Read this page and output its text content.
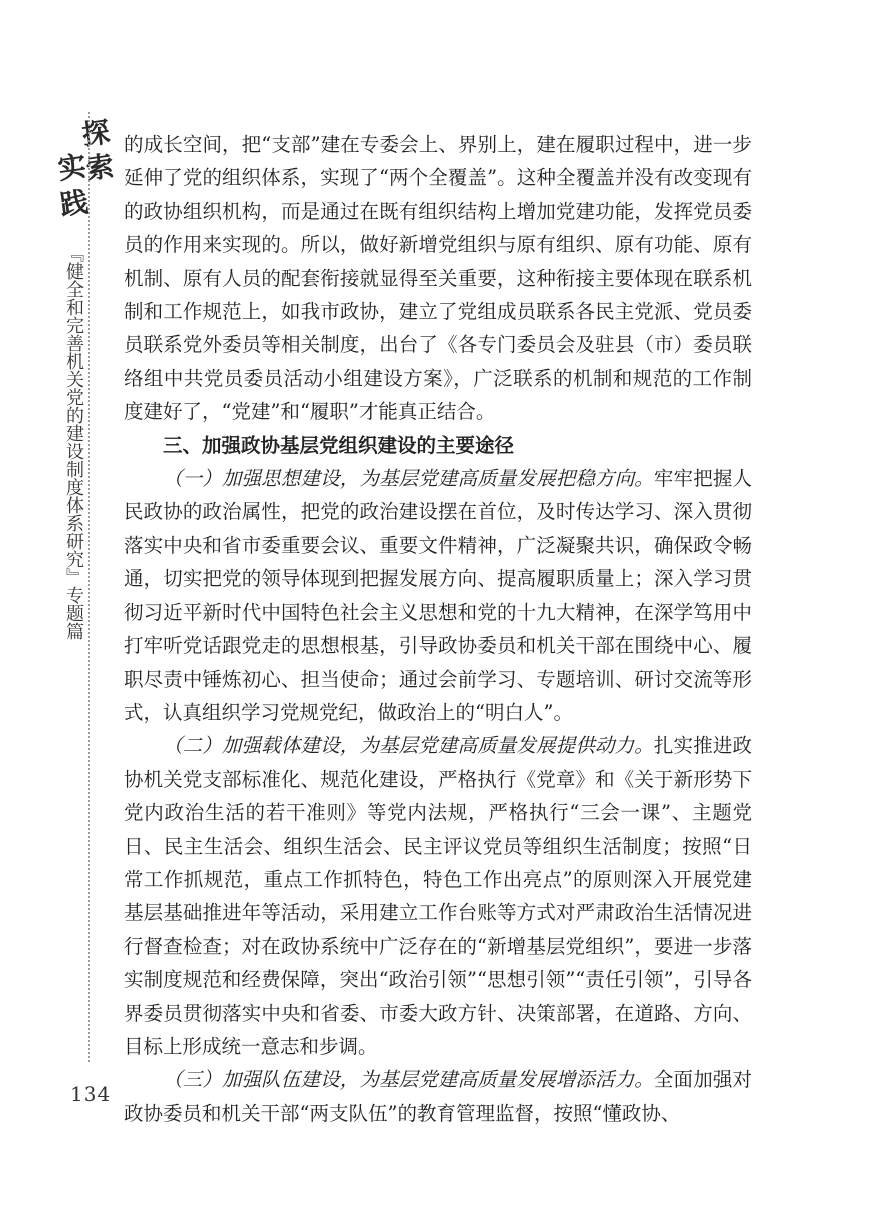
探
索
实
践
『健全和完善机关党的建设制度体系研究』专题篇
134

的成长空间，把“支部”建在专委会上、界别上，建在履职过程中，进一步延伸了党的组织体系，实现了“两个全覆盖”。这种全覆盖并没有改变现有的政协组织机构，而是通过在既有组织结构上增加党建功能，发挥党员委员的作用来实现的。所以，做好新增党组织与原有组织、原有功能、原有机制、原有人员的配套衔接就显得至关重要，这种衔接主要体现在联系机制和工作规范上，如我市政协，建立了党组成员联系各民主党派、党员委员联系党外委员等相关制度，出台了《各专门委员会及驻县（市）委员联络组中共党员委员活动小组建设方案》，广泛联系的机制和规范的工作制度建好了，“党建”和“履职”才能真正结合。

三、加强政协基层党组织建设的主要途径

（一）加强思想建设，为基层党建高质量发展把稳方向。牢牢把握人民政协的政治属性，把党的政治建设摆在首位，及时传达学习、深入贯彻落实中央和省市委重要会议、重要文件精神，广泛凝聚共识，确保政令畅通，切实把党的领导体现到把握发展方向、提高履职质量上；深入学习贯彻习近平新时代中国特色社会主义思想和党的十九大精神，在深学笃用中打牢听党话跟党走的思想根基，引导政协委员和机关干部在围绕中心、履职尽责中锤炼初心、担当使命；通过会前学习、专题培训、研讨交流等形式，认真组织学习党规党纪，做政治上的“明白人”。

（二）加强载体建设，为基层党建高质量发展提供动力。扎实推进政协机关党支部标准化、规范化建设，严格执行《党章》和《关于新形势下党内政治生活的若干准则》等党内法规，严格执行“三会一课”、主题党日、民主生活会、组织生活会、民主评议党员等组织生活制度；按照“日常工作抓规范，重点工作抓特色，特色工作出亮点”的原则深入开展党建基层基础推进年等活动，采用建立工作台账等方式对严肃政治生活情况进行督查检查；对在政协系统中广泛存在的“新增基层党组织”，要进一步落实制度规范和经费保障，突出“政治引领”“思想引领”“责任引领”，引导各界委员贯彻落实中央和省委、市委大政方针、决策部署，在道路、方向、目标上形成统一意志和步调。

（三）加强队伍建设，为基层党建高质量发展增添活力。全面加强对政协委员和机关干部“两支队伍”的教育管理监督，按照“懂政协、
